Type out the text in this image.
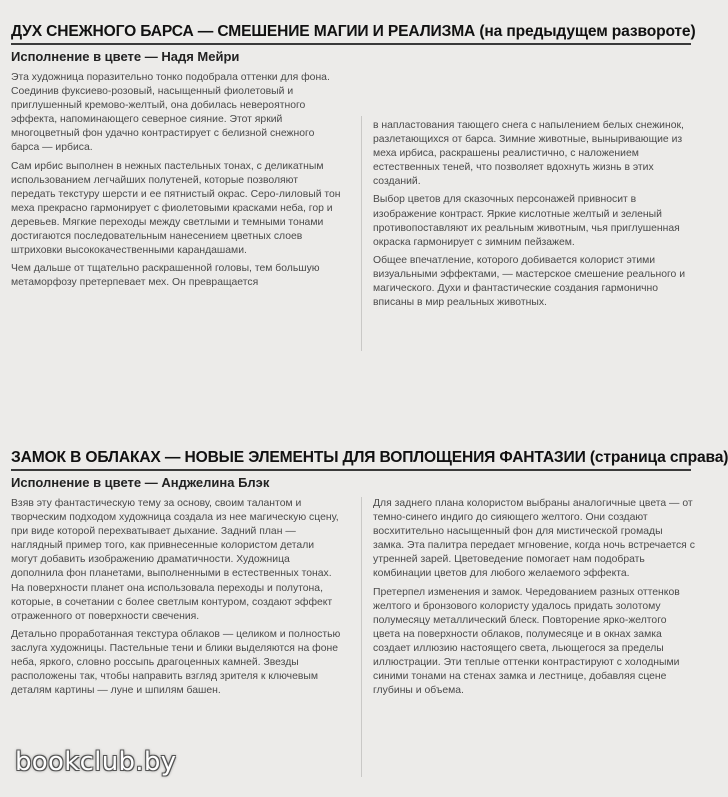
ДУХ СНЕЖНОГО БАРСА — СМЕШЕНИЕ МАГИИ И РЕАЛИЗМА (на предыдущем развороте)
Исполнение в цвете — Надя Мейри

Эта художница поразительно тонко подобрала оттенки для фона. Соединив фуксиево-розовый, насыщенный фиолетовый и приглушенный кремово-желтый, она добилась невероятного эффекта, напоминающего северное сияние. Этот яркий многоцветный фон удачно контрастирует с белизной снежного барса — ирбиса.

Сам ирбис выполнен в нежных пастельных тонах, с деликатным использованием легчайших полутеней, которые позволяют передать текстуру шерсти и ее пятнистый окрас. Серо-лиловый тон меха прекрасно гармонирует с фиолетовыми красками неба, гор и деревьев. Мягкие переходы между светлыми и темными тонами достигаются последовательным нанесением цветных слоев штриховки высококачественными карандашами.

Чем дальше от тщательно раскрашенной головы, тем большую метаморфозу претерпевает мех. Он превращается

в напластования тающего снега с напылением белых снежинок, разлетающихся от барса. Зимние животные, выныривающие из меха ирбиса, раскрашены реалистично, с наложением естественных теней, что позволяет вдохнуть жизнь в этих созданий.

Выбор цветов для сказочных персонажей привносит в изображение контраст. Яркие кислотные желтый и зеленый противопоставляют их реальным животным, чья приглушенная окраска гармонирует с зимним пейзажем.

Общее впечатление, которого добивается колорист этими визуальными эффектами, — мастерское смешение реального и магического. Духи и фантастические создания гармонично вписаны в мир реальных животных.

ЗАМОК В ОБЛАКАХ — НОВЫЕ ЭЛЕМЕНТЫ ДЛЯ ВОПЛОЩЕНИЯ ФАНТАЗИИ (страница справа)
Исполнение в цвете — Анджелина Блэк

Взяв эту фантастическую тему за основу, своим талантом и творческим подходом художница создала из нее магическую сцену, при виде которой перехватывает дыхание. Задний план — наглядный пример того, как привнесенные колористом детали могут добавить изображению драматичности. Художница дополнила фон планетами, выполненными в естественных тонах. На поверхности планет она использовала переходы и полутона, которые, в сочетании с более светлым контуром, создают эффект отраженного от поверхности свечения.

Детально проработанная текстура облаков — целиком и полностью заслуга художницы. Пастельные тени и блики выделяются на фоне неба, яркого, словно россыпь драгоценных камней. Звезды расположены так, чтобы направить взгляд зрителя к ключевым деталям картины — луне и шпилям башен.

Для заднего плана колористом выбраны аналогичные цвета — от темно-синего индиго до сияющего желтого. Они создают восхитительно насыщенный фон для мистической громады замка. Эта палитра передает мгновение, когда ночь встречается с утренней зарей. Цветоведение помогает нам подобрать комбинации цветов для любого желаемого эффекта.

Претерпел изменения и замок. Чередованием разных оттенков желтого и бронзового колористу удалось придать золотому полумесяцу металлический блеск. Повторение ярко-желтого цвета на поверхности облаков, полумесяце и в окнах замка создает иллюзию настоящего света, льющегося за пределы иллюстрации. Эти теплые оттенки контрастируют с холодными синими тонами на стенах замка и лестнице, добавляя сцене глубины и объема.

bookclub.by
